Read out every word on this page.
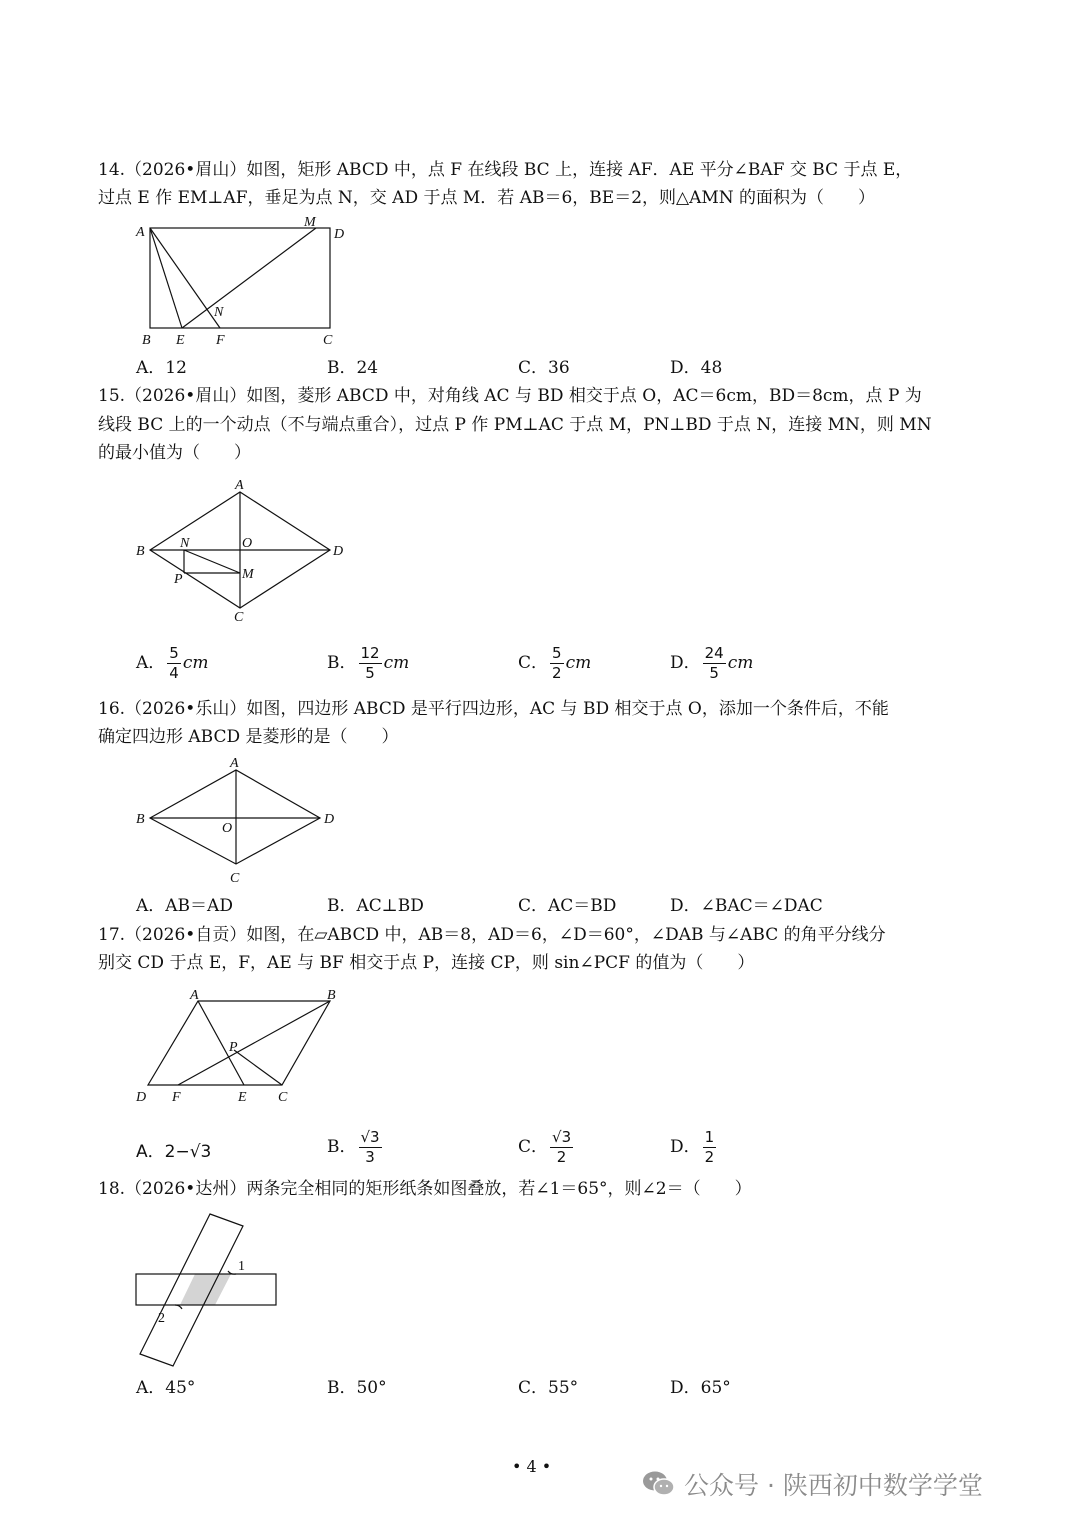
14.（2026•眉山）如图，矩形 ABCD 中，点 F 在线段 BC 上，连接 AF．AE 平分∠BAF 交 BC 于点 E，
过点 E 作 EM⊥AF，垂足为点 N，交 AD 于点 M．若 AB＝6，BE＝2，则△AMN 的面积为（　　）
A
M
D
N
B E F	C
A．12	B．24	C．36	D．48
15.（2026•眉山）如图，菱形 ABCD 中，对角线 AC 与 BD 相交于点 O，AC＝6cm，BD＝8cm，点 P 为
线段 BC 上的一个动点（不与端点重合），过点 P 作 PM⊥AC 于点 M，PN⊥BD 于点 N，连接 MN，则 MN
的最小值为（　　）
A
B
N	O
D
P	M
C
A． $\frac{5}{4}$ cm	B． $\frac{12}{5}$ cm	C． $\frac{5}{2}$ cm	D． $\frac{24}{5}$ cm
16.（2026•乐山）如图，四边形 ABCD 是平行四边形，AC 与 BD 相交于点 O，添加一个条件后，不能
确定四边形 ABCD 是菱形的是（　　）
A
B
O
D
C
A．AB＝AD	B．AC⊥BD	C．AC＝BD	D．∠BAC＝∠DAC
17.（2026•自贡）如图，在▱ABCD 中，AB＝8，AD＝6，∠D＝60°，∠DAB 与∠ABC 的角平分线分
别交 CD 于点 E，F，AE 与 BF 相交于点 P，连接 CP，则 sin∠PCF 的值为（　　）
A	B
P
D F	E C
A．2−√3	B． $\frac{√3}{3}$	C． $\frac{√3}{2}$	D． $\frac{1}{2}$
18.（2026•达州）两条完全相同的矩形纸条如图叠放，若∠1＝65°，则∠2＝（　　）
1
2
A．45°	B．50°	C．55°	D．65°
• 4 •
公众号 · 陕西初中数学学堂
